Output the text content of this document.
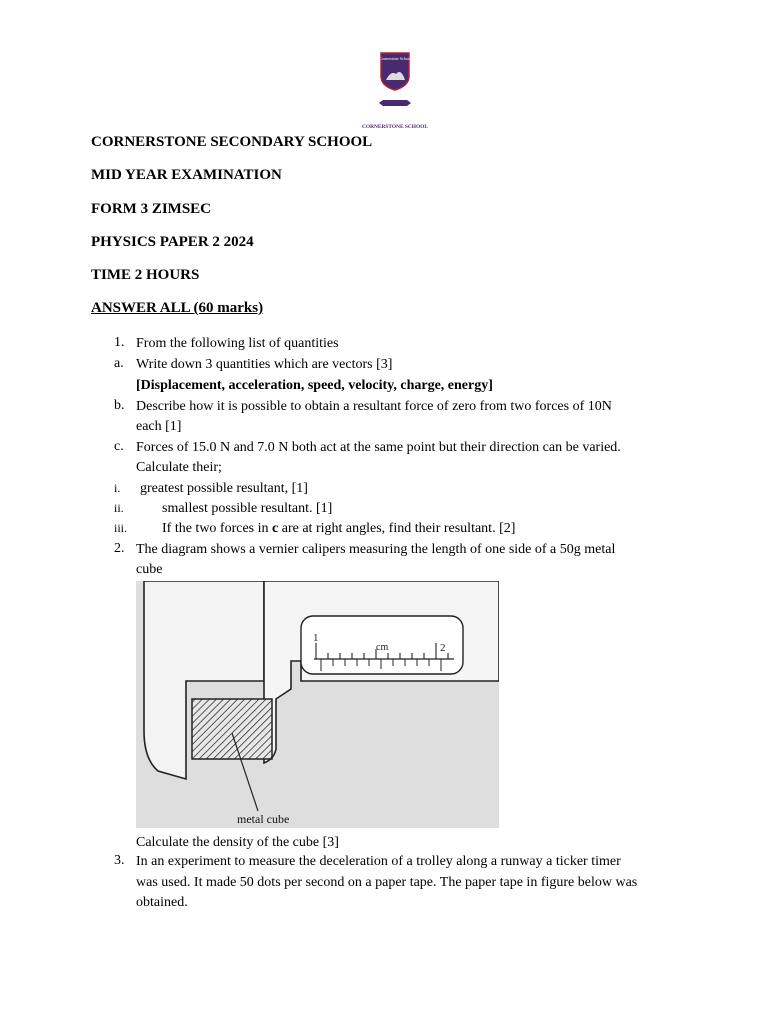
Cornerstone School
CORNERSTONE SCHOOL
CORNERSTONE SECONDARY SCHOOL
MID YEAR EXAMINATION
FORM 3 ZIMSEC
PHYSICS PAPER 2 2024
TIME 2 HOURS
ANSWER ALL (60 marks)
1. From the following list of quantities
a. Write down 3 quantities which are vectors [3]
[Displacement, acceleration, speed, velocity, charge, energy]
b. Describe how it is possible to obtain a resultant force of zero from two forces of 10N
each [1]
c. Forces of 15.0 N and 7.0 N both act at the same point but their direction can be varied.
Calculate their;
i. greatest possible resultant, [1]
ii.	smallest possible resultant. [1]
iii. If the two forces in c are at right angles, find their resultant. [2]
2. The diagram shows a vernier calipers measuring the length of one side of a 50g metal
cube
1
cm	2
metal cube
Calculate the density of the cube [3]
3. In an experiment to measure the deceleration of a trolley along a runway a ticker timer
was used. It made 50 dots per second on a paper tape. The paper tape in figure below was
obtained.
